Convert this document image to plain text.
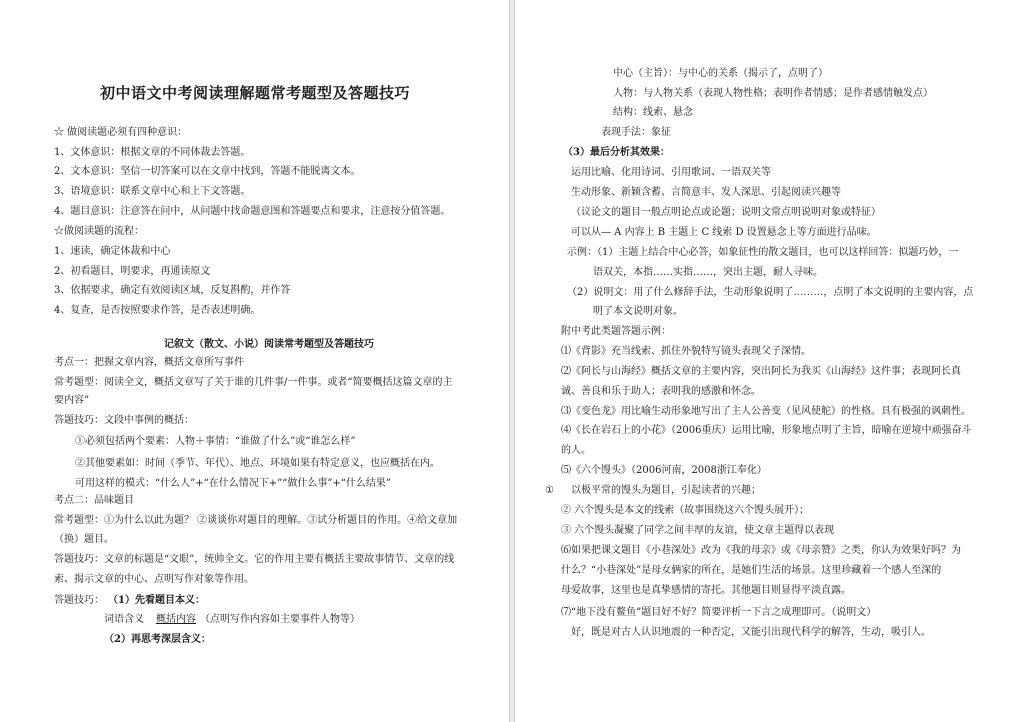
初中语文中考阅读理解题常考题型及答题技巧
☆ 做阅读题必须有四种意识：
1、文体意识：根据文章的不同体裁去答题。
2、文本意识：坚信一切答案可以在文章中找到，答题不能脱离文本。
3、语境意识：联系文章中心和上下文答题。
4、题目意识：注意答在问中，从问题中找命题意图和答题要点和要求，注意按分值答题。
☆做阅读题的流程：
1、速读，确定体裁和中心
2、初看题目，明要求，再通读原文
3、依据要求，确定有效阅读区域，反复斟酌，并作答
4、复查，是否按照要求作答，是否表述明确。
记叙文（散文、小说）阅读常考题型及答题技巧
考点一：把握文章内容，概括文章所写事件
常考题型：阅读全文，概括文章写了关于谁的几件事/一件事。或者“简要概括这篇文章的主
要内容”
答题技巧：文段中事例的概括：
①必须包括两个要素：人物＋事情：“谁做了什么”或“谁怎么样”
②其他要素如：时间（季节、年代）、地点、环境如果有特定意义，也应概括在内。
可用这样的模式：“什么人”+“在什么情况下+”“做什么事”+“什么结果”
考点二：品味题目
常考题型：①为什么以此为题？ ②谈谈你对题目的理解。③试分析题目的作用。④给文章加
（换）题目。
答题技巧：文章的标题是“文眼”，统帅全文。它的作用主要有概括主要故事情节、文章的线
索、揭示文章的中心、点明写作对象等作用。
答题技巧： （1）先看题目本义：
词语含义 概括内容 （点明写作内容如主要事件人物等）
（2）再思考深层含义：
中心（主旨）：与中心的关系（揭示了，点明了）
人物：与人物关系（表现人物性格；表明作者情感；是作者感情触发点）
结构：线索、悬念
表现手法：象征
（3）最后分析其效果：
运用比喻、化用诗词、引用歌词、一语双关等
生动形象、新颖含蓄、言简意丰、发人深思、引起阅读兴趣等
（议论文的题目一般点明论点或论题；说明文常点明说明对象或特征）
可以从— A 内容上 B 主题上 C 线索 D 设置悬念上等方面进行品味。
示例：（1）主题上结合中心必答，如象征性的散文题目，也可以这样回答：拟题巧妙，一
语双关，本指……实指……，突出主题，耐人寻味。
（2）说明文：用了什么修辞手法，生动形象说明了………，点明了本文说明的主要内容，点
明了本文说明对象。
附中考此类题答题示例：
⑴《背影》充当线索、抓住外貌特写镜头表现父子深情。
⑵《阿长与山海经》概括文章的主要内容，突出阿长为我买《山海经》这件事；表现阿长真
诚、善良和乐于助人；表明我的感激和怀念。
⑶《变色龙》用比喻生动形象地写出了主人公善变（见风使舵）的性格。具有极强的讽刺性。
⑷《长在岩石上的小花》（2006重庆）运用比喻，形象地点明了主旨，暗喻在逆境中顽强奋斗
的人。
⑸《六个馒头》（2006河南，2008浙江奉化）
① 以极平常的馒头为题目，引起读者的兴趣；
② 六个馒头是本文的线索（故事围绕这六个馒头展开）；
③ 六个馒头凝聚了同学之间丰厚的友谊，使文章主题得以表现
⑹如果把课文题目《小巷深处》改为《我的母亲》或《母亲赞》之类，你认为效果好吗？为
什么？“小巷深处”是母女俩家的所在，是她们生活的场景。这里珍藏着一个感人至深的
母爱故事，这里也是真挚感情的寄托。其他题目则显得平淡直露。
⑺“地下没有鳌鱼”题目好不好？简要评析一下言之成理即可。（说明文）
好，既是对古人认识地震的一种否定，又能引出现代科学的解答，生动，吸引人。
